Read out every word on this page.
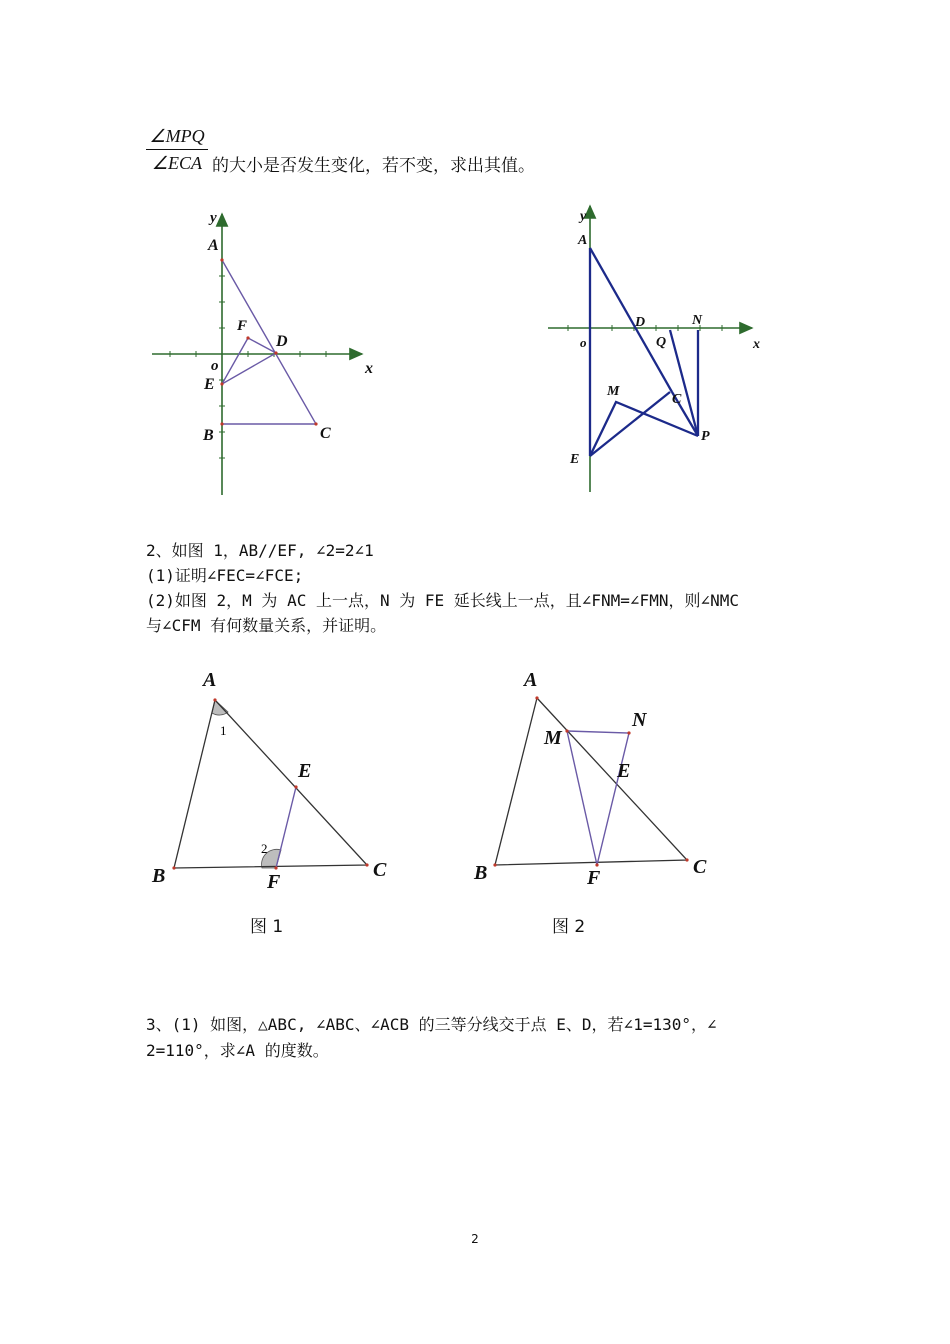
∠MPQ
∠ECA 的大小是否发生变化，若不变，求出其值。
y
A
F
D
x
o
E
B	C
y
A
D	N
o	Q	x
M
C
P
E
2、如图 1，AB//EF, ∠2=2∠1
(1)证明∠FEC=∠FCE;
(2)如图 2，M 为 AC 上一点，N 为 FE 延长线上一点，且∠FNM=∠FMN，则∠NMC
与∠CFM 有何数量关系，并证明。
A
1
E
2
B	F
C
图 1
A
N
M
E
B	F	C
图 2
3、(1) 如图，△ABC, ∠ABC、∠ACB 的三等分线交于点 E、D，若∠1=130°，∠
2=110°，求∠A 的度数。
2
